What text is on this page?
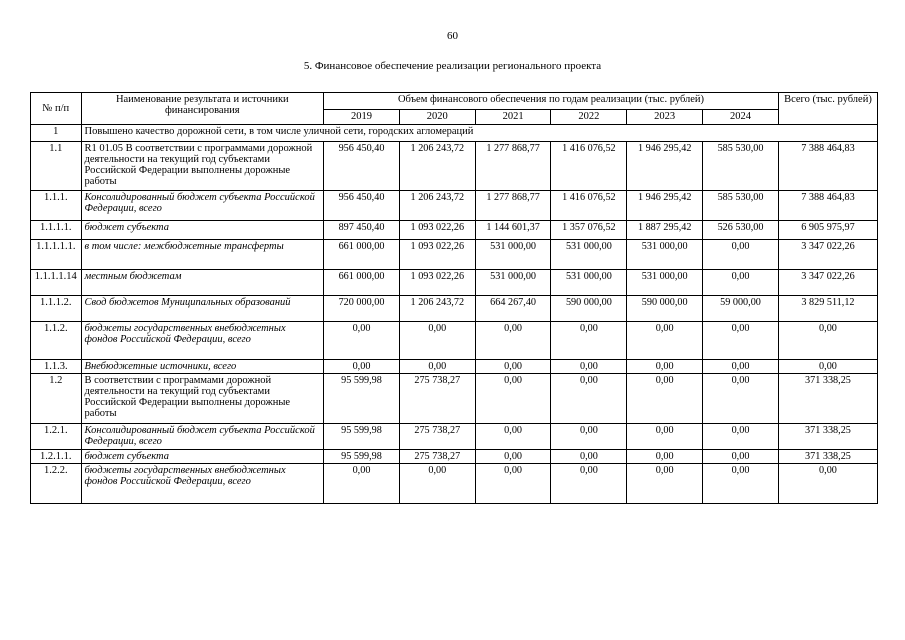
60
5. Финансовое обеспечение реализации регионального проекта
№ п/п	Наименование результата и источники финансирования	Объем финансового обеспечения по годам реализации (тыс. рублей)						Всего (тыс. рублей)
		2019	2020	2021	2022	2023	2024	
1	Повышено качество дорожной сети, в том числе уличной сети, городских агломераций							
1.1	R1 01.05 В соответствии с программами дорожной деятельности на текущий год субъектами Российской Федерации выполнены дорожные работы	956 450,40	1 206 243,72	1 277 868,77	1 416 076,52	1 946 295,42	585 530,00	7 388 464,83
1.1.1.	Консолидированный бюджет субъекта Российской Федерации, всего	956 450,40	1 206 243,72	1 277 868,77	1 416 076,52	1 946 295,42	585 530,00	7 388 464,83
1.1.1.1.	бюджет субъекта	897 450,40	1 093 022,26	1 144 601,37	1 357 076,52	1 887 295,42	526 530,00	6 905 975,97
1.1.1.1.1.	в том числе: межбюджетные трансферты	661 000,00	1 093 022,26	531 000,00	531 000,00	531 000,00	0,00	3 347 022,26
1.1.1.1.14	местным бюджетам	661 000,00	1 093 022,26	531 000,00	531 000,00	531 000,00	0,00	3 347 022,26
1.1.1.2.	Свод бюджетов Муниципальных образований	720 000,00	1 206 243,72	664 267,40	590 000,00	590 000,00	59 000,00	3 829 511,12
1.1.2.	бюджеты государственных внебюджетных фондов Российской Федерации, всего	0,00	0,00	0,00	0,00	0,00	0,00	0,00
1.1.3.	Внебюджетные источники, всего	0,00	0,00	0,00	0,00	0,00	0,00	0,00
1.2	В соответствии с программами дорожной деятельности на текущий год субъектами Российской Федерации выполнены дорожные работы	95 599,98	275 738,27	0,00	0,00	0,00	0,00	371 338,25
1.2.1.	Консолидированный бюджет субъекта Российской Федерации, всего	95 599,98	275 738,27	0,00	0,00	0,00	0,00	371 338,25
1.2.1.1.	бюджет субъекта	95 599,98	275 738,27	0,00	0,00	0,00	0,00	371 338,25
1.2.2.	бюджеты государственных внебюджетных фондов Российской Федерации, всего	0,00	0,00	0,00	0,00	0,00	0,00	0,00
